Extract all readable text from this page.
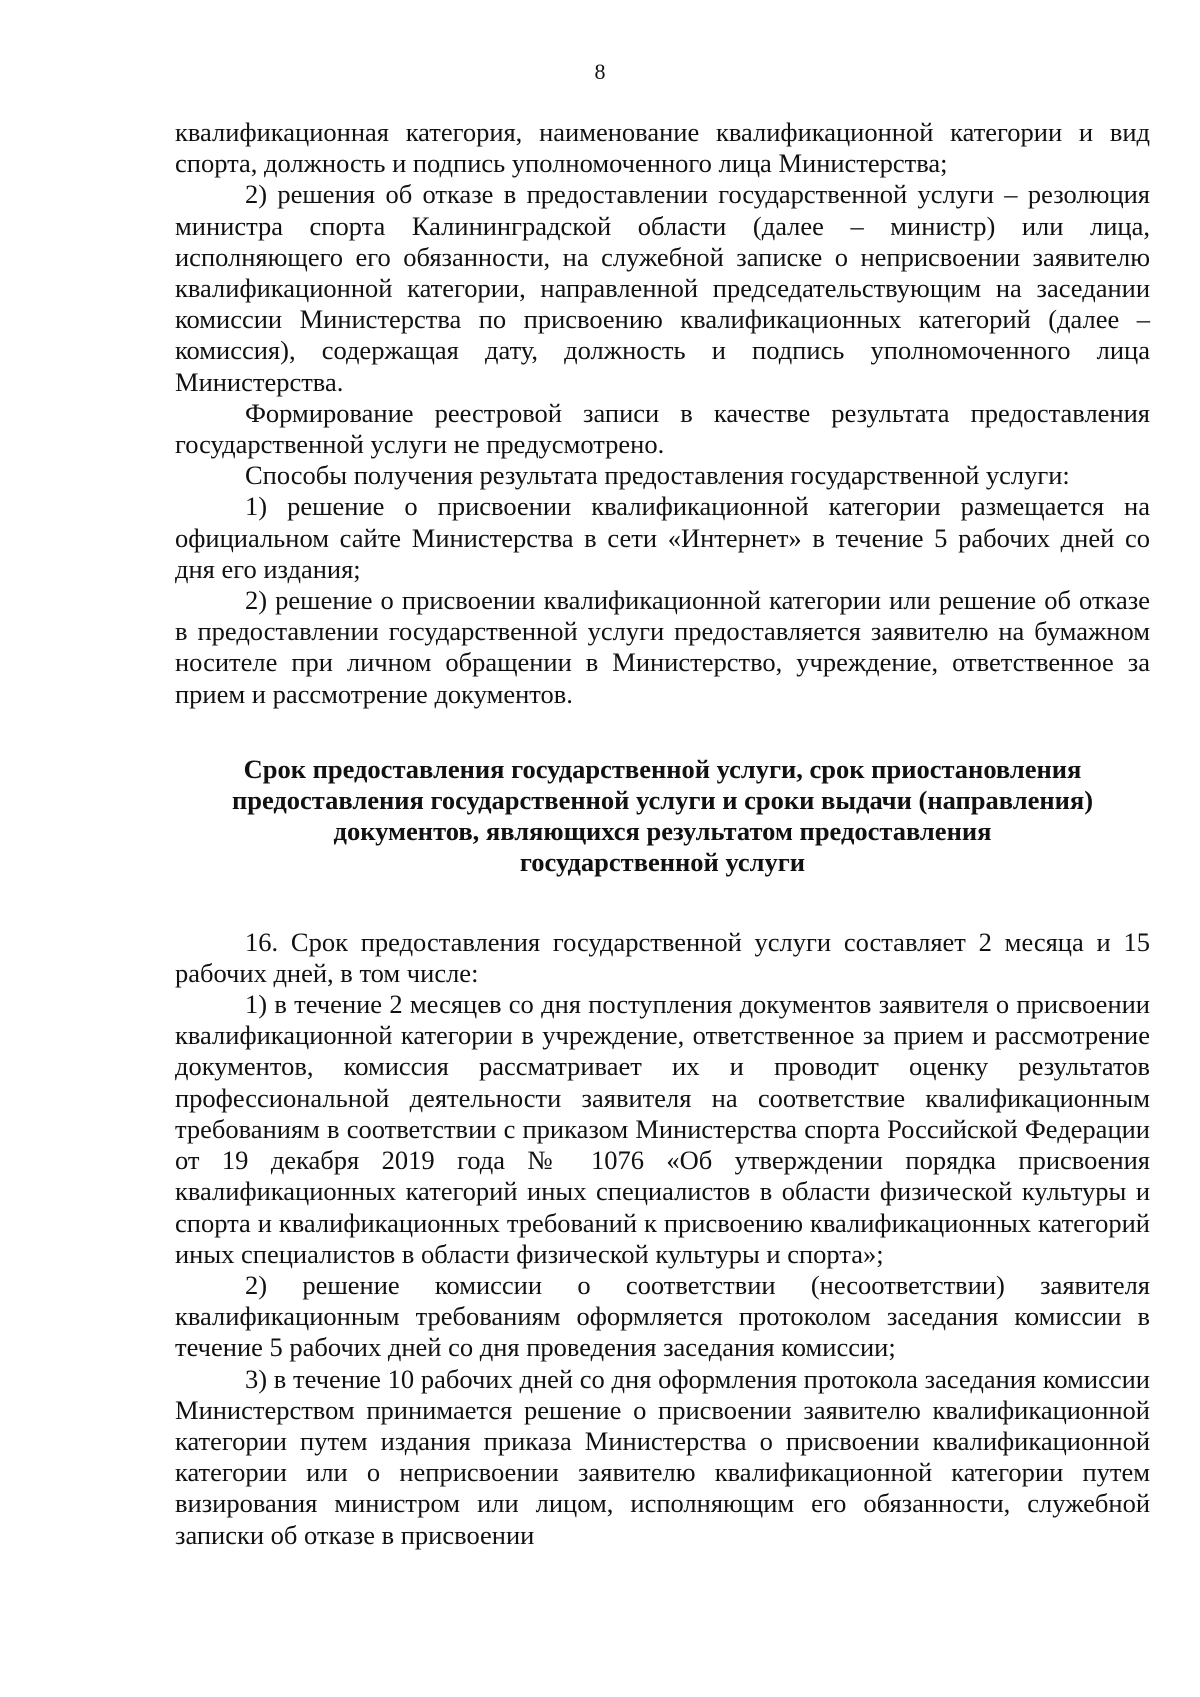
8

квалификационная категория, наименование квалификационной категории и вид спорта, должность и подпись уполномоченного лица Министерства;

2) решения об отказе в предоставлении государственной услуги – резолюция министра спорта Калининградской области (далее – министр) или лица, исполняющего его обязанности, на служебной записке о неприсвоении заявителю квалификационной категории, направленной председательствующим на заседании комиссии Министерства по присвоению квалификационных категорий (далее – комиссия), содержащая дату, должность и подпись уполномоченного лица Министерства.

Формирование реестровой записи в качестве результата предоставления государственной услуги не предусмотрено.

Способы получения результата предоставления государственной услуги:

1) решение о присвоении квалификационной категории размещается на официальном сайте Министерства в сети «Интернет» в течение 5 рабочих дней со дня его издания;

2) решение о присвоении квалификационной категории или решение об отказе в предоставлении государственной услуги предоставляется заявителю на бумажном носителе при личном обращении в Министерство, учреждение, ответственное за прием и рассмотрение документов.

Срок предоставления государственной услуги, срок приостановления
предоставления государственной услуги и сроки выдачи (направления)
документов, являющихся результатом предоставления
государственной услуги

16. Срок предоставления государственной услуги составляет 2 месяца и 15 рабочих дней, в том числе:

1) в течение 2 месяцев со дня поступления документов заявителя о присвоении квалификационной категории в учреждение, ответственное за прием и рассмотрение документов, комиссия рассматривает их и проводит оценку результатов профессиональной деятельности заявителя на соответствие квалификационным требованиям в соответствии с приказом Министерства спорта Российской Федерации от 19 декабря 2019 года № 1076 «Об утверждении порядка присвоения квалификационных категорий иных специалистов в области физической культуры и спорта и квалификационных требований к присвоению квалификационных категорий иных специалистов в области физической культуры и спорта»;

2) решение комиссии о соответствии (несоответствии) заявителя квалификационным требованиям оформляется протоколом заседания комиссии в течение 5 рабочих дней со дня проведения заседания комиссии;

3) в течение 10 рабочих дней со дня оформления протокола заседания комиссии Министерством принимается решение о присвоении заявителю квалификационной категории путем издания приказа Министерства о присвоении квалификационной категории или о неприсвоении заявителю квалификационной категории путем визирования министром или лицом, исполняющим его обязанности, служебной записки об отказе в присвоении
